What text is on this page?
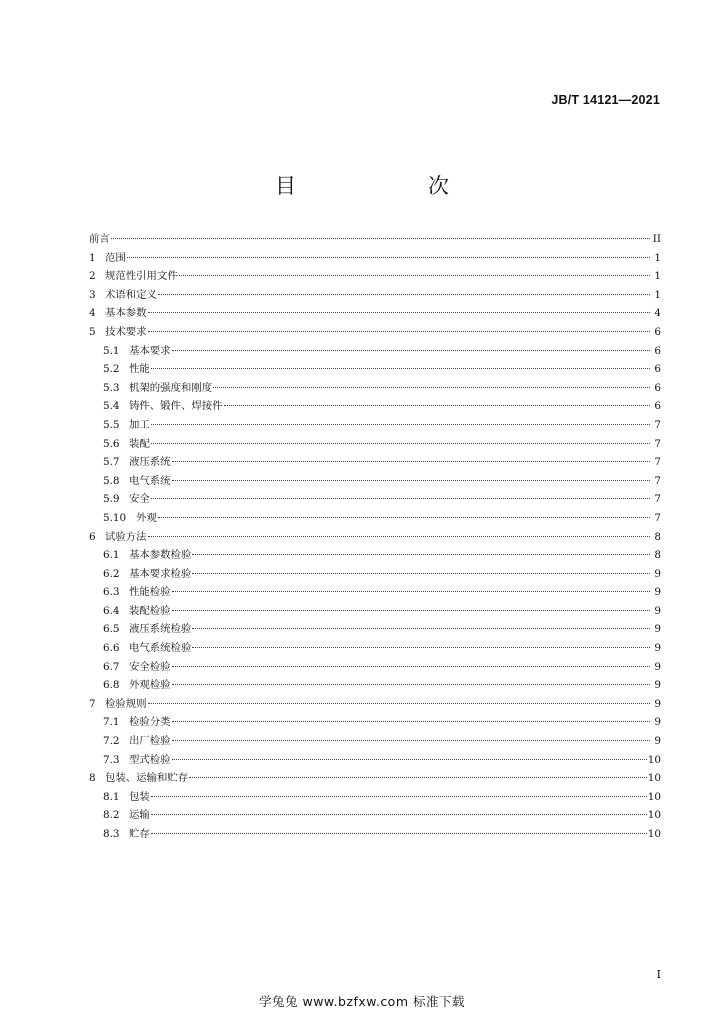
JB/T 14121—2021
目　　次
前言	II
1 范围	1
2 规范性引用文件	1
3 术语和定义	1
4 基本参数	4
5 技术要求	6
5.1 基本要求	6
5.2 性能	6
5.3 机架的强度和刚度	6
5.4 铸件、锻件、焊接件	6
5.5 加工	7
5.6 装配	7
5.7 液压系统	7
5.8 电气系统	7
5.9 安全	7
5.10 外观	7
6 试验方法	8
6.1 基本参数检验	8
6.2 基本要求检验	9
6.3 性能检验	9
6.4 装配检验	9
6.5 液压系统检验	9
6.6 电气系统检验	9
6.7 安全检验	9
6.8 外观检验	9
7 检验规则	9
7.1 检验分类	9
7.2 出厂检验	9
7.3 型式检验	10
8 包装、运输和贮存	10
8.1 包装	10
8.2 运输	10
8.3 贮存	10
I
学兔兔 www.bzfxw.com 标准下载
